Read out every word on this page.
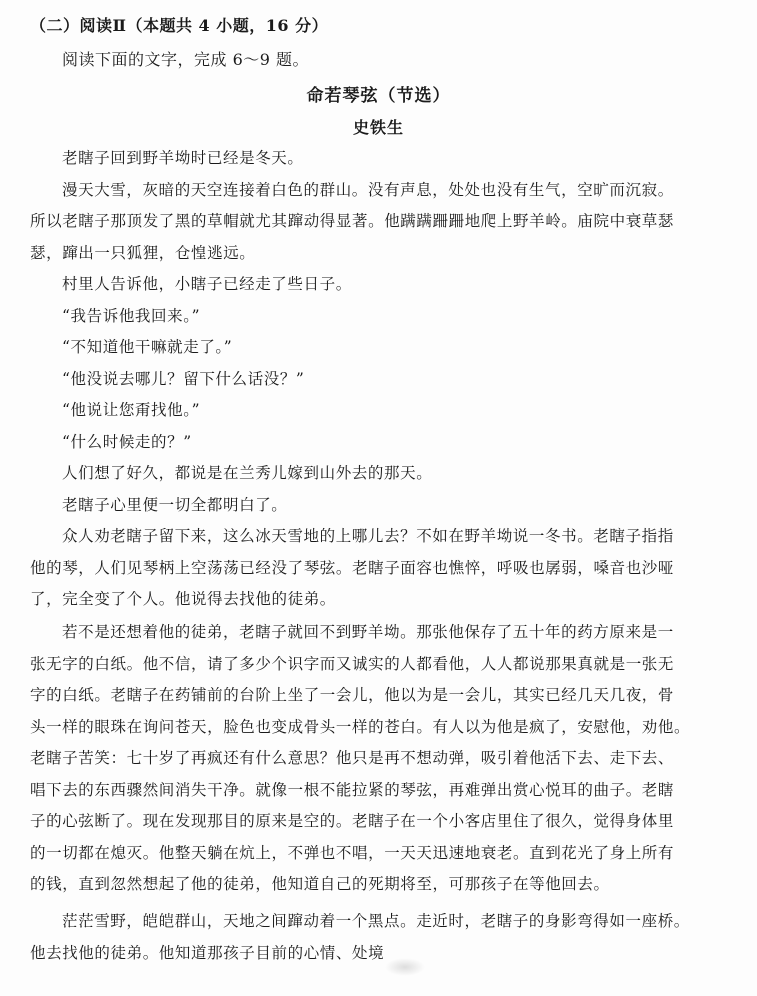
（二）阅读Ⅱ（本题共 4 小题，16 分）
阅读下面的文字，完成 6～9 题。
命若琴弦（节选）
史铁生
老瞎子回到野羊坳时已经是冬天。
漫天大雪，灰暗的天空连接着白色的群山。没有声息，处处也没有生气，空旷而沉寂。
所以老瞎子那顶发了黑的草帽就尤其蹿动得显著。他蹒蹒跚跚地爬上野羊岭。庙院中衰草瑟
瑟，蹿出一只狐狸，仓惶逃远。
村里人告诉他，小瞎子已经走了些日子。
“我告诉他我回来。”
“不知道他干嘛就走了。”
“他没说去哪儿？留下什么话没？”
“他说让您甭找他。”
“什么时候走的？”
人们想了好久，都说是在兰秀儿嫁到山外去的那天。
老瞎子心里便一切全都明白了。
众人劝老瞎子留下来，这么冰天雪地的上哪儿去？不如在野羊坳说一冬书。老瞎子指指
他的琴，人们见琴柄上空荡荡已经没了琴弦。老瞎子面容也憔悴，呼吸也孱弱，嗓音也沙哑
了，完全变了个人。他说得去找他的徒弟。
若不是还想着他的徒弟，老瞎子就回不到野羊坳。那张他保存了五十年的药方原来是一
张无字的白纸。他不信，请了多少个识字而又诚实的人都看他，人人都说那果真就是一张无
字的白纸。老瞎子在药铺前的台阶上坐了一会儿，他以为是一会儿，其实已经几天几夜，骨
头一样的眼珠在询问苍天，脸色也变成骨头一样的苍白。有人以为他是疯了，安慰他，劝他。
老瞎子苦笑：七十岁了再疯还有什么意思？他只是再不想动弹，吸引着他活下去、走下去、
唱下去的东西骤然间消失干净。就像一根不能拉紧的琴弦，再难弹出赏心悦耳的曲子。老瞎
子的心弦断了。现在发现那目的原来是空的。老瞎子在一个小客店里住了很久，觉得身体里
的一切都在熄灭。他整天躺在炕上，不弹也不唱，一天天迅速地衰老。直到花光了身上所有
的钱，直到忽然想起了他的徒弟，他知道自己的死期将至，可那孩子在等他回去。
茫茫雪野，皑皑群山，天地之间蹿动着一个黑点。走近时，老瞎子的身影弯得如一座桥。
他去找他的徒弟。他知道那孩子目前的心情、处境
